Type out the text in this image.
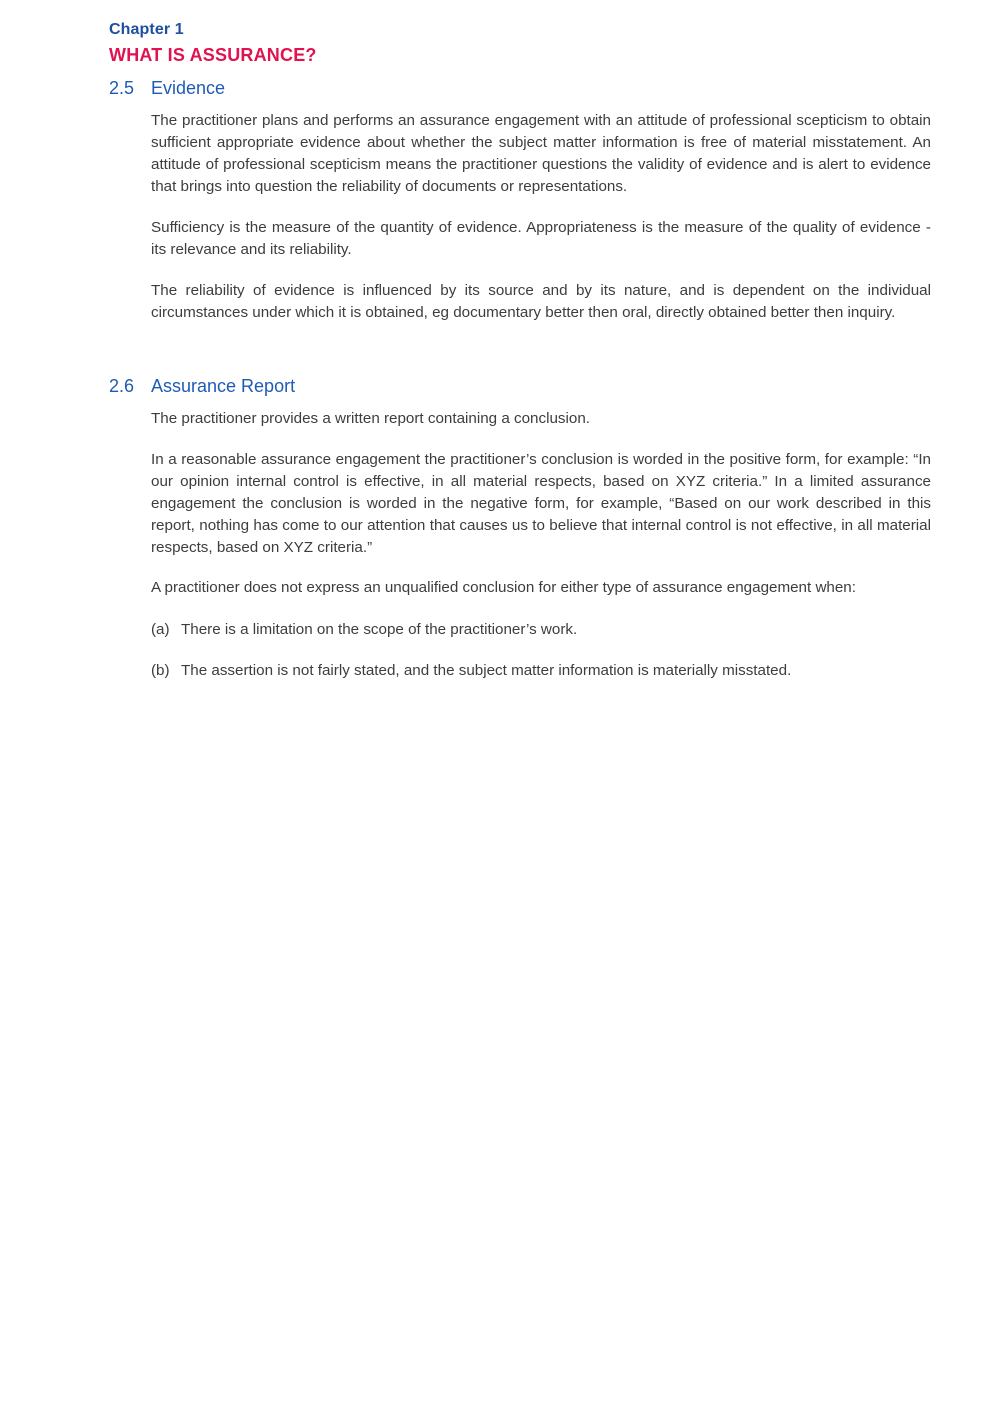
Chapter 1
WHAT IS ASSURANCE?
2.5 Evidence
The practitioner plans and performs an assurance engagement with an attitude of professional scepticism to obtain sufficient appropriate evidence about whether the subject matter information is free of material misstatement. An attitude of professional scepticism means the practitioner questions the validity of evidence and is alert to evidence that brings into question the reliability of documents or representations.
Sufficiency is the measure of the quantity of evidence. Appropriateness is the measure of the quality of evidence - its relevance and its reliability.
The reliability of evidence is influenced by its source and by its nature, and is dependent on the individual circumstances under which it is obtained, eg documentary better then oral, directly obtained better then inquiry.
2.6 Assurance Report
The practitioner provides a written report containing a conclusion.
In a reasonable assurance engagement the practitioner’s conclusion is worded in the positive form, for example: “In our opinion internal control is effective, in all material respects, based on XYZ criteria.” In a limited assurance engagement the conclusion is worded in the negative form, for example, “Based on our work described in this report, nothing has come to our attention that causes us to believe that internal control is not effective, in all material respects, based on XYZ criteria.”
A practitioner does not express an unqualified conclusion for either type of assurance engagement when:
(a) There is a limitation on the scope of the practitioner’s work.
(b) The assertion is not fairly stated, and the subject matter information is materially misstated.
